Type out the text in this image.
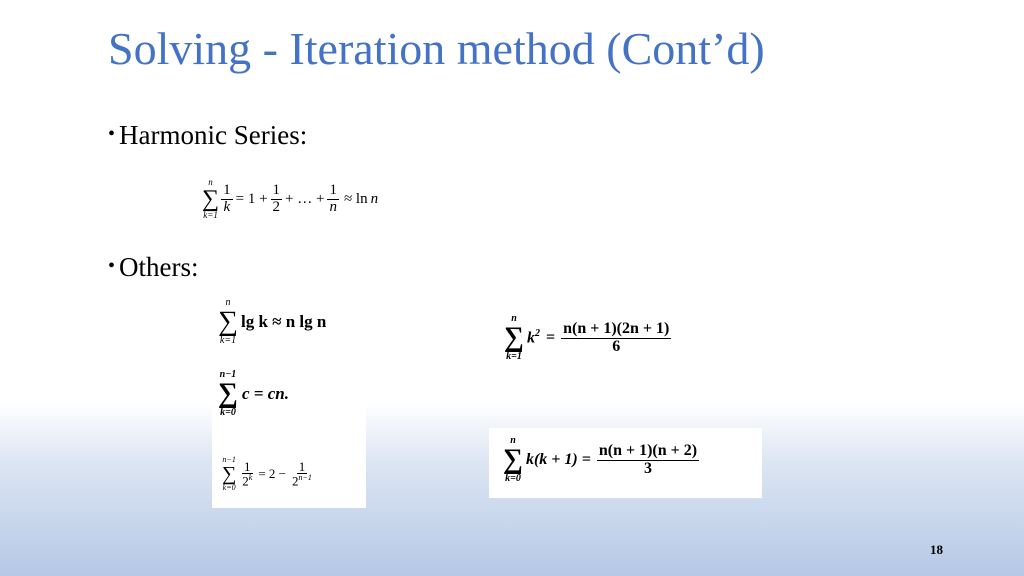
Solving - Iteration method (Cont’d)
• Harmonic Series:
n
∑
$k=1 \frac{1}{k} = 1 + \frac{1}{2}$ + … + $\frac{1}{n} \approx \ln n$
• Others:
n
∑
k=1
lg k ≈ n lg n
n−1
∑
k=0
c = cn.
n−1
∑
$k=0 \frac{1}{2^k} = 2 - \frac{1}{2^{n-1}}$
n
∑
k=1
$k^2 = \frac{n(n + 1)(2n + 1)}{6}$
n
∑
k=0
$k(k + 1) = \frac{n(n + 1)(n + 2)}{3}$
18
